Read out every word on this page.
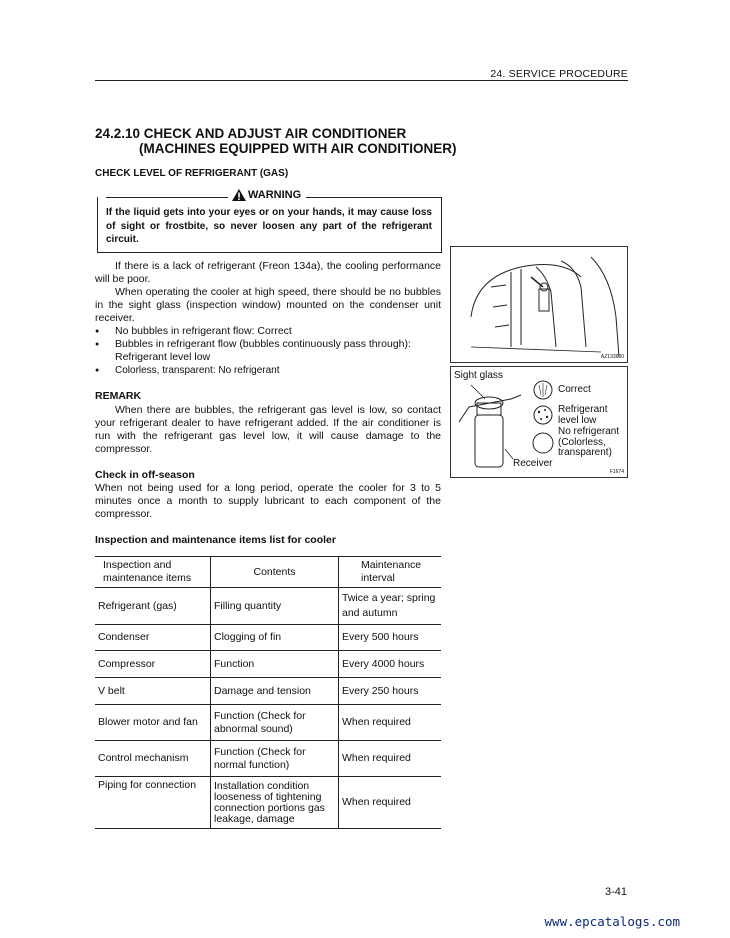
24. SERVICE PROCEDURE
24.2.10 CHECK AND ADJUST AIR CONDITIONER
(MACHINES EQUIPPED WITH AIR CONDITIONER)
CHECK LEVEL OF REFRIGERANT (GAS)
WARNING
If the liquid gets into your eyes or on your hands, it may cause loss of sight or frostbite, so never loosen any part of the refrigerant circuit.
If there is a lack of refrigerant (Freon 134a), the cooling performance will be poor.
When operating the cooler at high speed, there should be no bubbles in the sight glass (inspection window) mounted on the condenser unit receiver.
● No bubbles in refrigerant flow: Correct
● Bubbles in refrigerant flow (bubbles continuously pass through): Refrigerant level low
● Colorless, transparent: No refrigerant
REMARK
When there are bubbles, the refrigerant gas level is low, so contact your refrigerant dealer to have refrigerant added. If the air conditioner is run with the refrigerant gas level low, it will cause damage to the compressor.
Check in off-season
When not being used for a long period, operate the cooler for 3 to 5 minutes once a month to supply lubricant to each component of the compressor.
Inspection and maintenance items list for cooler
AZ133600
Sight glass
Receiver
Correct
Refrigerant
level low
No refrigerant
(Colorless,
transparent)
F1674
Inspection and maintenance items	Contents	Maintenance interval
Refrigerant (gas)	Filling quantity	Twice a year; spring and autumn
Condenser	Clogging of fin	Every 500 hours
Compressor	Function	Every 4000 hours
V belt	Damage and tension	Every 250 hours
Blower motor and fan	Function (Check for abnormal sound)	When required
Control mechanism	Function (Check for normal function)	When required
Piping for connection	Installation condition looseness of tightening connection portions gas leakage, damage	When required
3-41
www.epcatalogs.com
